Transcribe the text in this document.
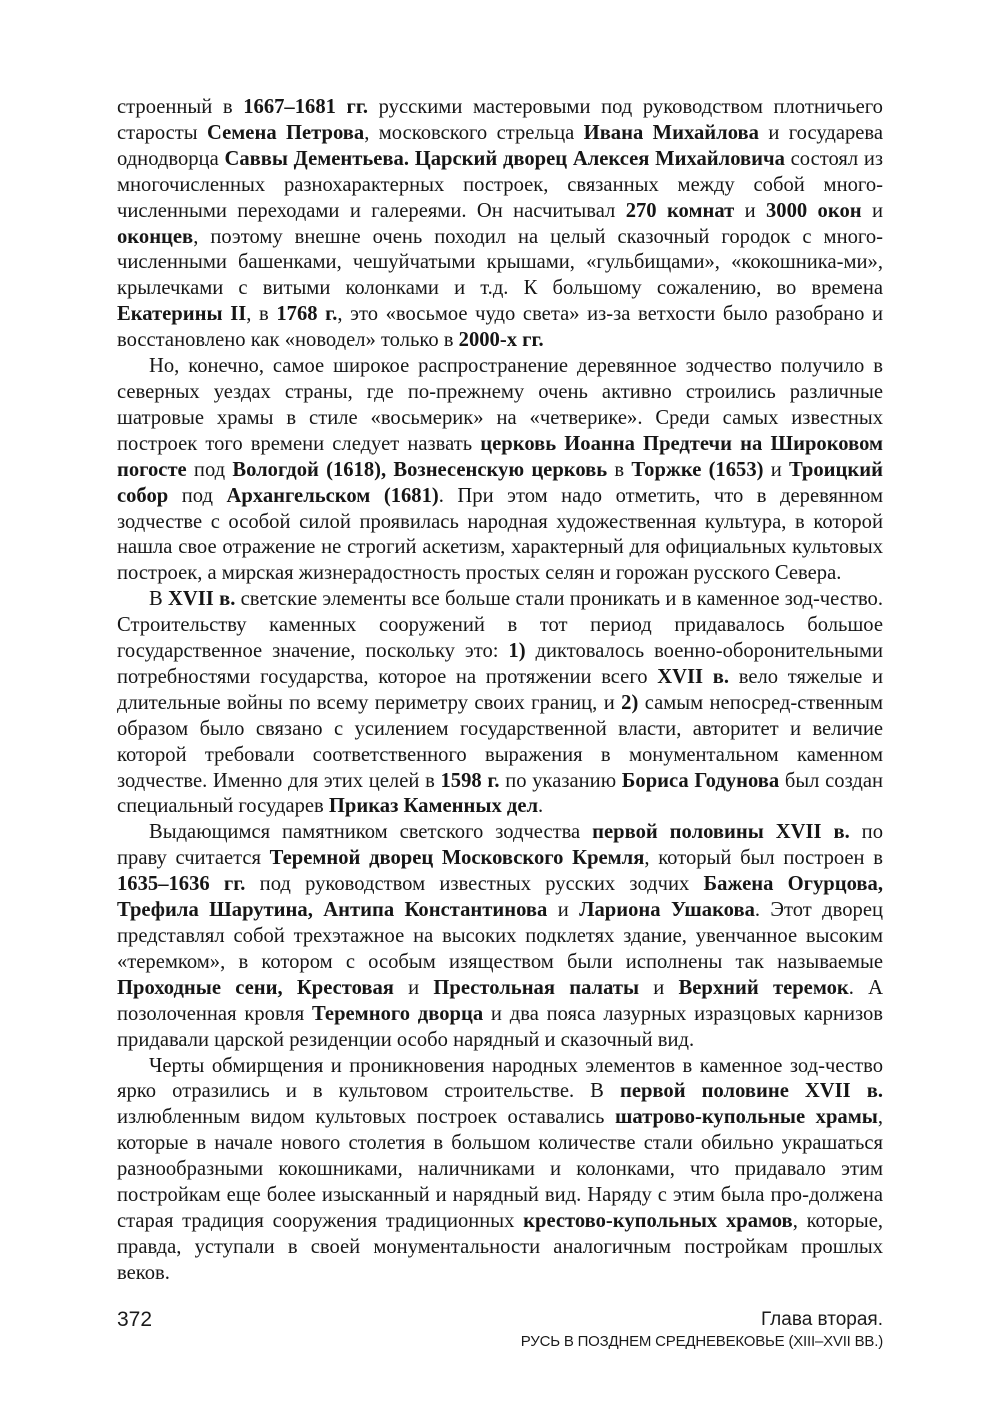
строенный в 1667–1681 гг. русскими мастеровыми под руководством плотничьего старосты Семена Петрова, московского стрельца Ивана Михайлова и государева однодворца Саввы Дементьева. Царский дворец Алексея Михайловича состоял из многочисленных разнохарактерных построек, связанных между собой много-численными переходами и галереями. Он насчитывал 270 комнат и 3000 окон и оконцев, поэтому внешне очень походил на целый сказочный городок с много-численными башенками, чешуйчатыми крышами, «гульбищами», «кокошника-ми», крылечками с витыми колонками и т.д. К большому сожалению, во времена Екатерины II, в 1768 г., это «восьмое чудо света» из-за ветхости было разобрано и восстановлено как «новодел» только в 2000-х гг.

Но, конечно, самое широкое распространение деревянное зодчество получило в северных уездах страны, где по-прежнему очень активно строились различные шатровые храмы в стиле «восьмерик» на «четверике». Среди самых известных построек того времени следует назвать церковь Иоанна Предтечи на Широковом погосте под Вологдой (1618), Вознесенскую церковь в Торжке (1653) и Троицкий собор под Архангельском (1681). При этом надо отметить, что в деревянном зодчестве с особой силой проявилась народная художественная культура, в которой нашла свое отражение не строгий аскетизм, характерный для официальных культовых построек, а мирская жизнерадостность простых селян и горожан русского Севера.

В XVII в. светские элементы все больше стали проникать и в каменное зод-чество. Строительству каменных сооружений в тот период придавалось большое государственное значение, поскольку это: 1) диктовалось военно-оборонительными потребностями государства, которое на протяжении всего XVII в. вело тяжелые и длительные войны по всему периметру своих границ, и 2) самым непосред-ственным образом было связано с усилением государственной власти, авторитет и величие которой требовали соответственного выражения в монументальном каменном зодчестве. Именно для этих целей в 1598 г. по указанию Бориса Годунова был создан специальный государев Приказ Каменных дел.

Выдающимся памятником светского зодчества первой половины XVII в. по праву считается Теремной дворец Московского Кремля, который был построен в 1635–1636 гг. под руководством известных русских зодчих Бажена Огурцова, Трефила Шарутина, Антипа Константинова и Лариона Ушакова. Этот дворец представлял собой трехэтажное на высоких подклетях здание, увенчанное высоким «теремком», в котором с особым изяществом были исполнены так называемые Проходные сени, Крестовая и Престольная палаты и Верхний теремок. А позолоченная кровля Теремного дворца и два пояса лазурных изразцовых карнизов придавали царской резиденции особо нарядный и сказочный вид.

Черты обмирщения и проникновения народных элементов в каменное зод-чество ярко отразились и в культовом строительстве. В первой половине XVII в. излюбленным видом культовых построек оставались шатрово-купольные храмы, которые в начале нового столетия в большом количестве стали обильно украшаться разнообразными кокошниками, наличниками и колонками, что придавало этим постройкам еще более изысканный и нарядный вид. Наряду с этим была про-должена старая традиция сооружения традиционных крестово-купольных храмов, которые, правда, уступали в своей монументальности аналогичным постройкам прошлых веков.

372	Глава вторая.
РУСЬ В ПОЗДНЕМ СРЕДНЕВЕКОВЬЕ (XIII–XVII ВВ.)
